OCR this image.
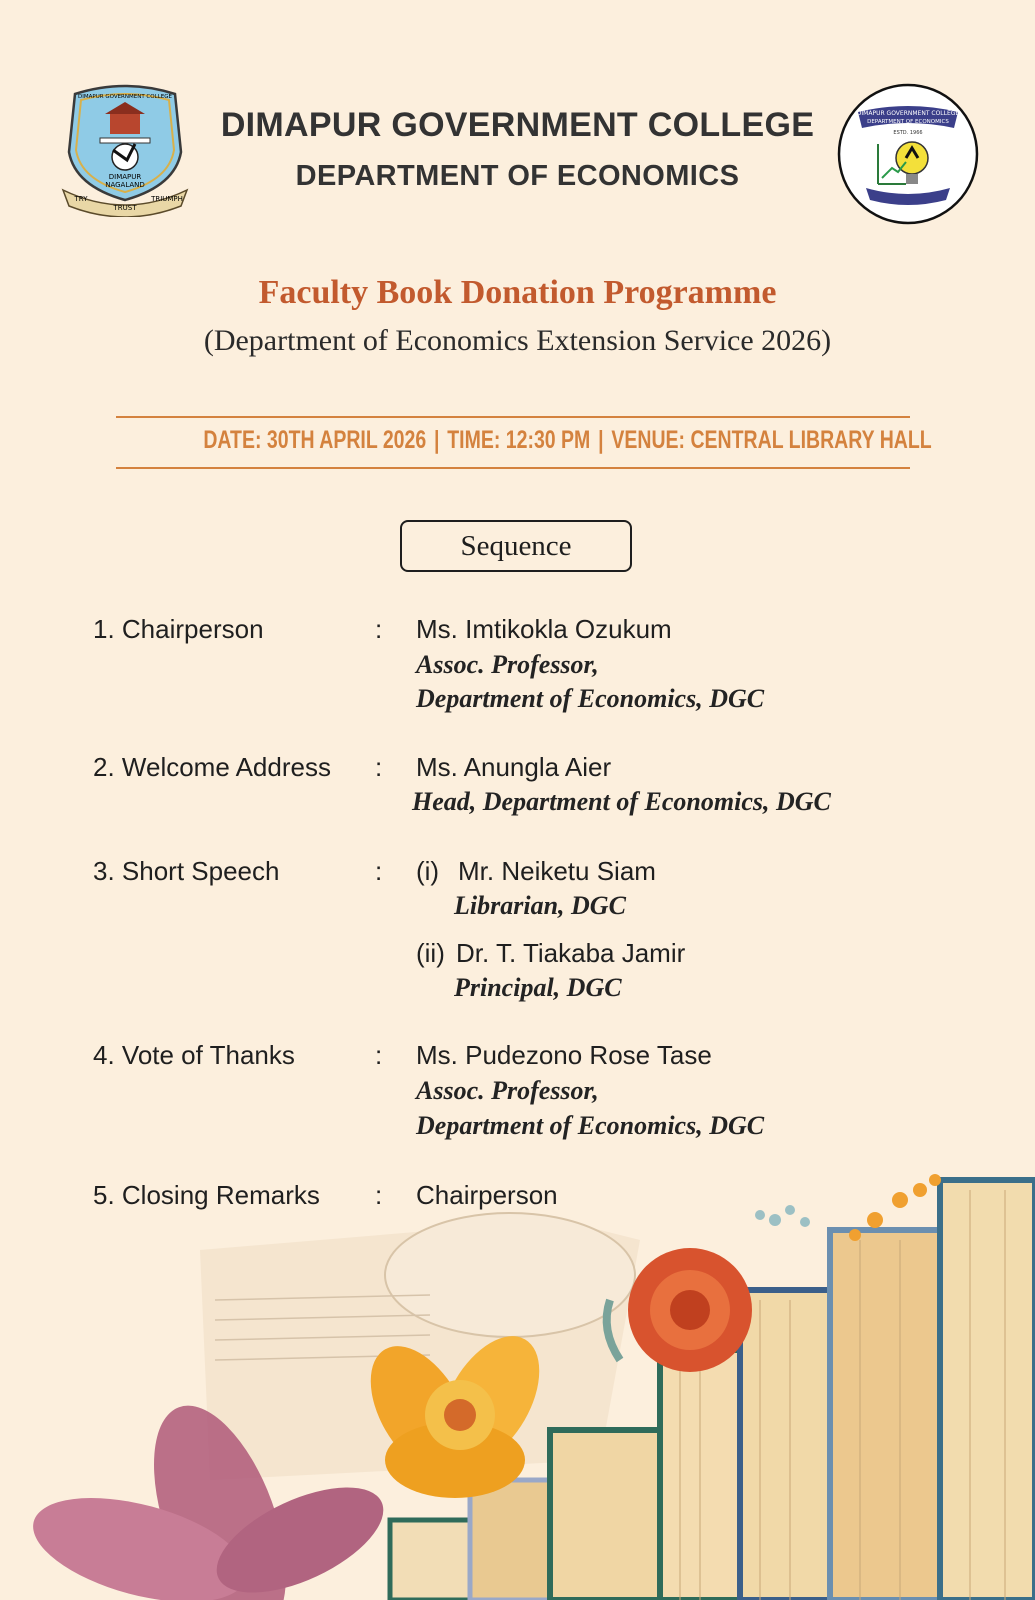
DIMAPUR
NAGALAND
TRY
TRUST
TRIUMPH
DIMAPUR GOVERNMENT COLLEGE
DIMAPUR GOVERNMENT COLLEGE
DEPARTMENT OF ECONOMICS
DIMAPUR GOVERNMENT COLLEGE
DEPARTMENT OF ECONOMICS
ESTD. 1966
Faculty Book Donation Programme
(Department of Economics Extension Service 2026)
DATE: 30TH APRIL 2026 | TIME: 12:30 PM | VENUE: CENTRAL LIBRARY HALL
Sequence
1. Chairperson	: Ms. Imtikokla Ozukum
Assoc. Professor,
Department of Economics, DGC
2. Welcome Address : Ms. Anungla Aier
Head, Department of Economics, DGC
3. Short Speech	: (i) Mr. Neiketu Siam
Librarian, DGC
(ii) Dr. T. Tiakaba Jamir
Principal, DGC
4. Vote of Thanks	: Ms. Pudezono Rose Tase
Assoc. Professor,
Department of Economics, DGC
5. Closing Remarks : Chairperson
